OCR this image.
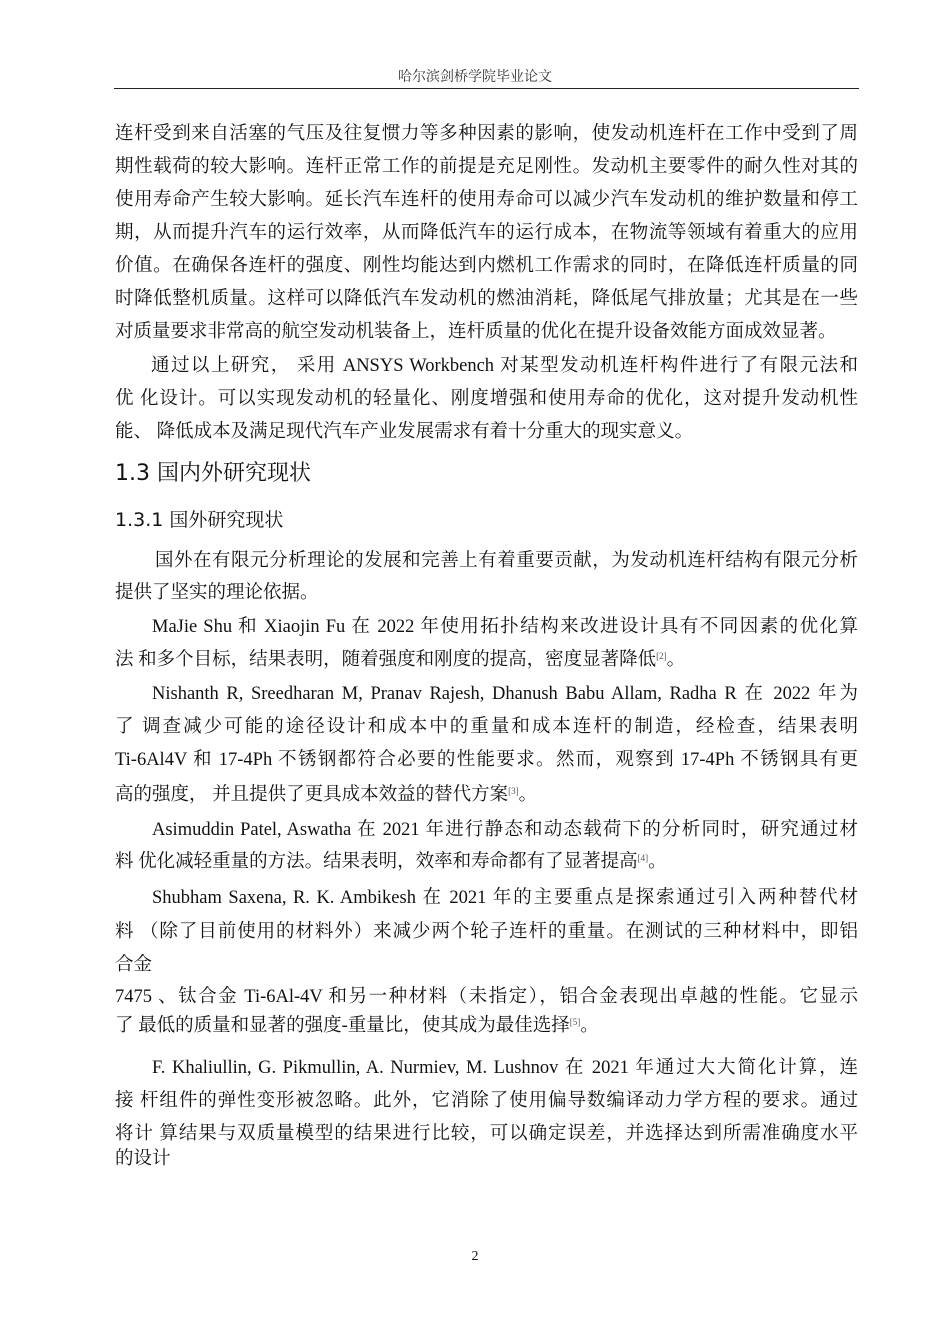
哈尔滨剑桥学院毕业论文
1.3 国内外研究现状
1.3.1 国外研究现状
连杆受到来自活塞的气压及往复惯力等多种因素的影响，使发动机连杆在工作中受到了周
期性载荷的较大影响。连杆正常工作的前提是充足刚性。发动机主要零件的耐久性对其的
使用寿命产生较大影响。延长汽车连杆的使用寿命可以减少汽车发动机的维护数量和停工
期，从而提升汽车的运行效率，从而降低汽车的运行成本，在物流等领域有着重大的应用
价值。在确保各连杆的强度、刚性均能达到内燃机工作需求的同时，在降低连杆质量的同
时降低整机质量。这样可以降低汽车发动机的燃油消耗，降低尾气排放量；尤其是在一些
对质量要求非常高的航空发动机装备上，连杆质量的优化在提升设备效能方面成效显著。
通过以上研究， 采用 ANSYS Workbench 对某型发动机连杆构件进行了有限元法和
优 化设计。可以实现发动机的轻量化、刚度增强和使用寿命的优化，这对提升发动机性
能、 降低成本及满足现代汽车产业发展需求有着十分重大的现实意义。
国外在有限元分析理论的发展和完善上有着重要贡献，为发动机连杆结构有限元分析
提供了坚实的理论依据。
MaJie Shu 和 Xiaojin Fu 在 2022 年使用拓扑结构来改进设计具有不同因素的优化算
法 和多个目标，结果表明，随着强度和刚度的提高，密度显著降低[2]。
Nishanth R, Sreedharan M, Pranav Rajesh, Dhanush Babu Allam, Radha R 在 2022 年为
了 调查减少可能的途径设计和成本中的重量和成本连杆的制造，经检查，结果表明
Ti-6Al4V 和 17-4Ph 不锈钢都符合必要的性能要求。然而，观察到 17-4Ph 不锈钢具有更
高的强度， 并且提供了更具成本效益的替代方案[3]。
Asimuddin Patel, Aswatha 在 2021 年进行静态和动态载荷下的分析同时，研究通过材
料 优化减轻重量的方法。结果表明，效率和寿命都有了显著提高[4]。
Shubham Saxena, R. K. Ambikesh 在 2021 年的主要重点是探索通过引入两种替代材
料 （除了目前使用的材料外）来减少两个轮子连杆的重量。在测试的三种材料中，即铝
合金
7475 、钛合金 Ti-6Al-4V 和另一种材料（未指定），铝合金表现出卓越的性能。它显示
了 最低的质量和显著的强度-重量比，使其成为最佳选择[5]。
F. Khaliullin, G. Pikmullin, A. Nurmiev, M. Lushnov 在 2021 年通过大大简化计算，连
接 杆组件的弹性变形被忽略。此外，它消除了使用偏导数编译动力学方程的要求。通过
将计 算结果与双质量模型的结果进行比较，可以确定误差，并选择达到所需准确度水平
的设计
2
